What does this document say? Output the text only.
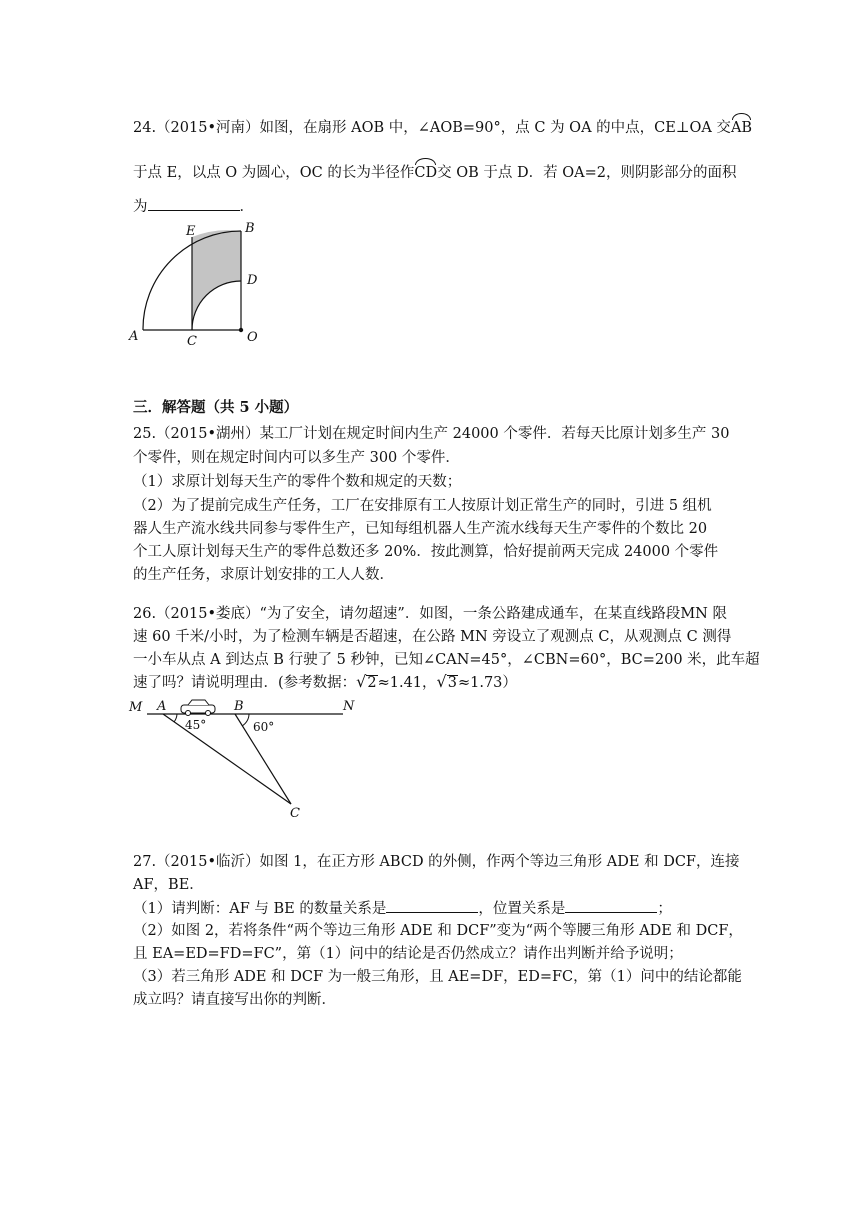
24.（2015•河南）如图，在扇形 AOB 中，∠AOB=90°，点 C 为 OA 的中点，CE⊥OA 交AB
于点 E，以点 O 为圆心，OC 的长为半径作CD交 OB 于点 D．若 OA=2，则阴影部分的面积
为	．
E	B
D
A	C	O
三．解答题（共 5 小题）
25.（2015•湖州）某工厂计划在规定时间内生产 24000 个零件．若每天比原计划多生产 30
个零件，则在规定时间内可以多生产 300 个零件．
（1）求原计划每天生产的零件个数和规定的天数；
（2）为了提前完成生产任务，工厂在安排原有工人按原计划正常生产的同时，引进 5 组机
器人生产流水线共同参与零件生产，已知每组机器人生产流水线每天生产零件的个数比 20
个工人原计划每天生产的零件总数还多 20%．按此测算，恰好提前两天完成 24000 个零件
的生产任务，求原计划安排的工人人数．
26.（2015•娄底）“为了安全，请勿超速”．如图，一条公路建成通车，在某直线路段MN 限
速 60 千米/小时，为了检测车辆是否超速，在公路 MN 旁设立了观测点 C，从观测点 C 测得
一小车从点 A 到达点 B 行驶了 5 秒钟，已知∠CAN=45°，∠CBN=60°，BC=200 米，此车超
速了吗？请说明理由．(参考数据：√2≈1.41，√3≈1.73）
M A	B	N
C
45°	60°
27.（2015•临沂）如图 1，在正方形 ABCD 的外侧，作两个等边三角形 ADE 和 DCF，连接
AF，BE．
（1）请判断：AF 与 BE 的数量关系是	，位置关系是	；
（2）如图 2，若将条件“两个等边三角形 ADE 和 DCF”变为“两个等腰三角形 ADE 和 DCF，
且 EA=ED=FD=FC”，第（1）问中的结论是否仍然成立？请作出判断并给予说明；
（3）若三角形 ADE 和 DCF 为一般三角形，且 AE=DF，ED=FC，第（1）问中的结论都能
成立吗？请直接写出你的判断．
